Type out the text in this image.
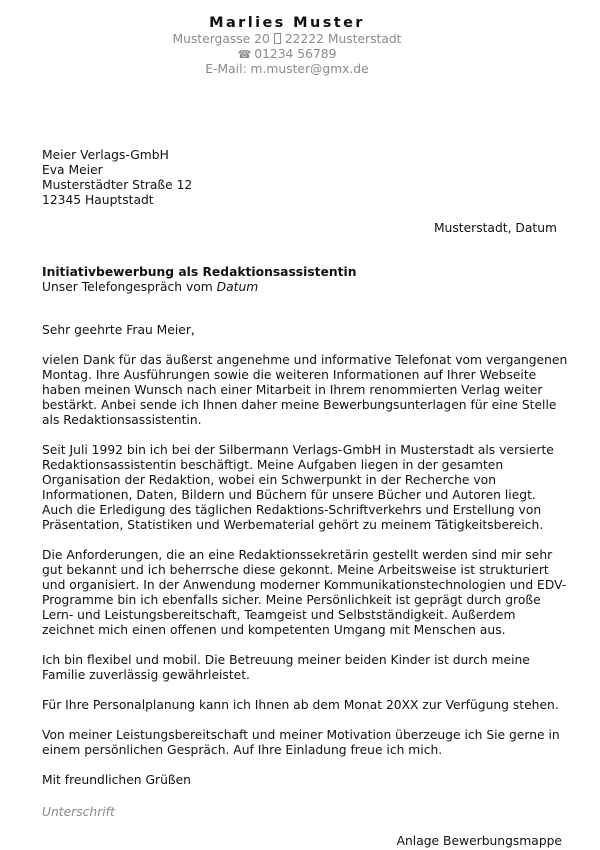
Marlies Muster
Mustergasse 20 22222 Musterstadt
☎ 01234 56789
E-Mail: m.muster@gmx.de
Meier Verlags-GmbH
Eva Meier
Musterstädter Straße 12
12345 Hauptstadt
Musterstadt, Datum
Initiativbewerbung als Redaktionsassistentin
Unser Telefongespräch vom Datum

Sehr geehrte Frau Meier,

vielen Dank für das äußerst angenehme und informative Telefonat vom vergangenen
Montag. Ihre Ausführungen sowie die weiteren Informationen auf Ihrer Webseite
haben meinen Wunsch nach einer Mitarbeit in Ihrem renommierten Verlag weiter
bestärkt. Anbei sende ich Ihnen daher meine Bewerbungsunterlagen für eine Stelle
als Redaktionsassistentin.

Seit Juli 1992 bin ich bei der Silbermann Verlags-GmbH in Musterstadt als versierte
Redaktionsassistentin beschäftigt. Meine Aufgaben liegen in der gesamten
Organisation der Redaktion, wobei ein Schwerpunkt in der Recherche von
Informationen, Daten, Bildern und Büchern für unsere Bücher und Autoren liegt.
Auch die Erledigung des täglichen Redaktions-Schriftverkehrs und Erstellung von
Präsentation, Statistiken und Werbematerial gehört zu meinem Tätigkeitsbereich.

Die Anforderungen, die an eine Redaktionssekretärin gestellt werden sind mir sehr
gut bekannt und ich beherrsche diese gekonnt. Meine Arbeitsweise ist strukturiert
und organisiert. In der Anwendung moderner Kommunikationstechnologien und EDV-
Programme bin ich ebenfalls sicher. Meine Persönlichkeit ist geprägt durch große
Lern- und Leistungsbereitschaft, Teamgeist und Selbstständigkeit. Außerdem
zeichnet mich einen offenen und kompetenten Umgang mit Menschen aus.

Ich bin flexibel und mobil. Die Betreuung meiner beiden Kinder ist durch meine
Familie zuverlässig gewährleistet.

Für Ihre Personalplanung kann ich Ihnen ab dem Monat 20XX zur Verfügung stehen.

Von meiner Leistungsbereitschaft und meiner Motivation überzeuge ich Sie gerne in
einem persönlichen Gespräch. Auf Ihre Einladung freue ich mich.

Mit freundlichen Grüßen

Unterschrift
Anlage Bewerbungsmappe
